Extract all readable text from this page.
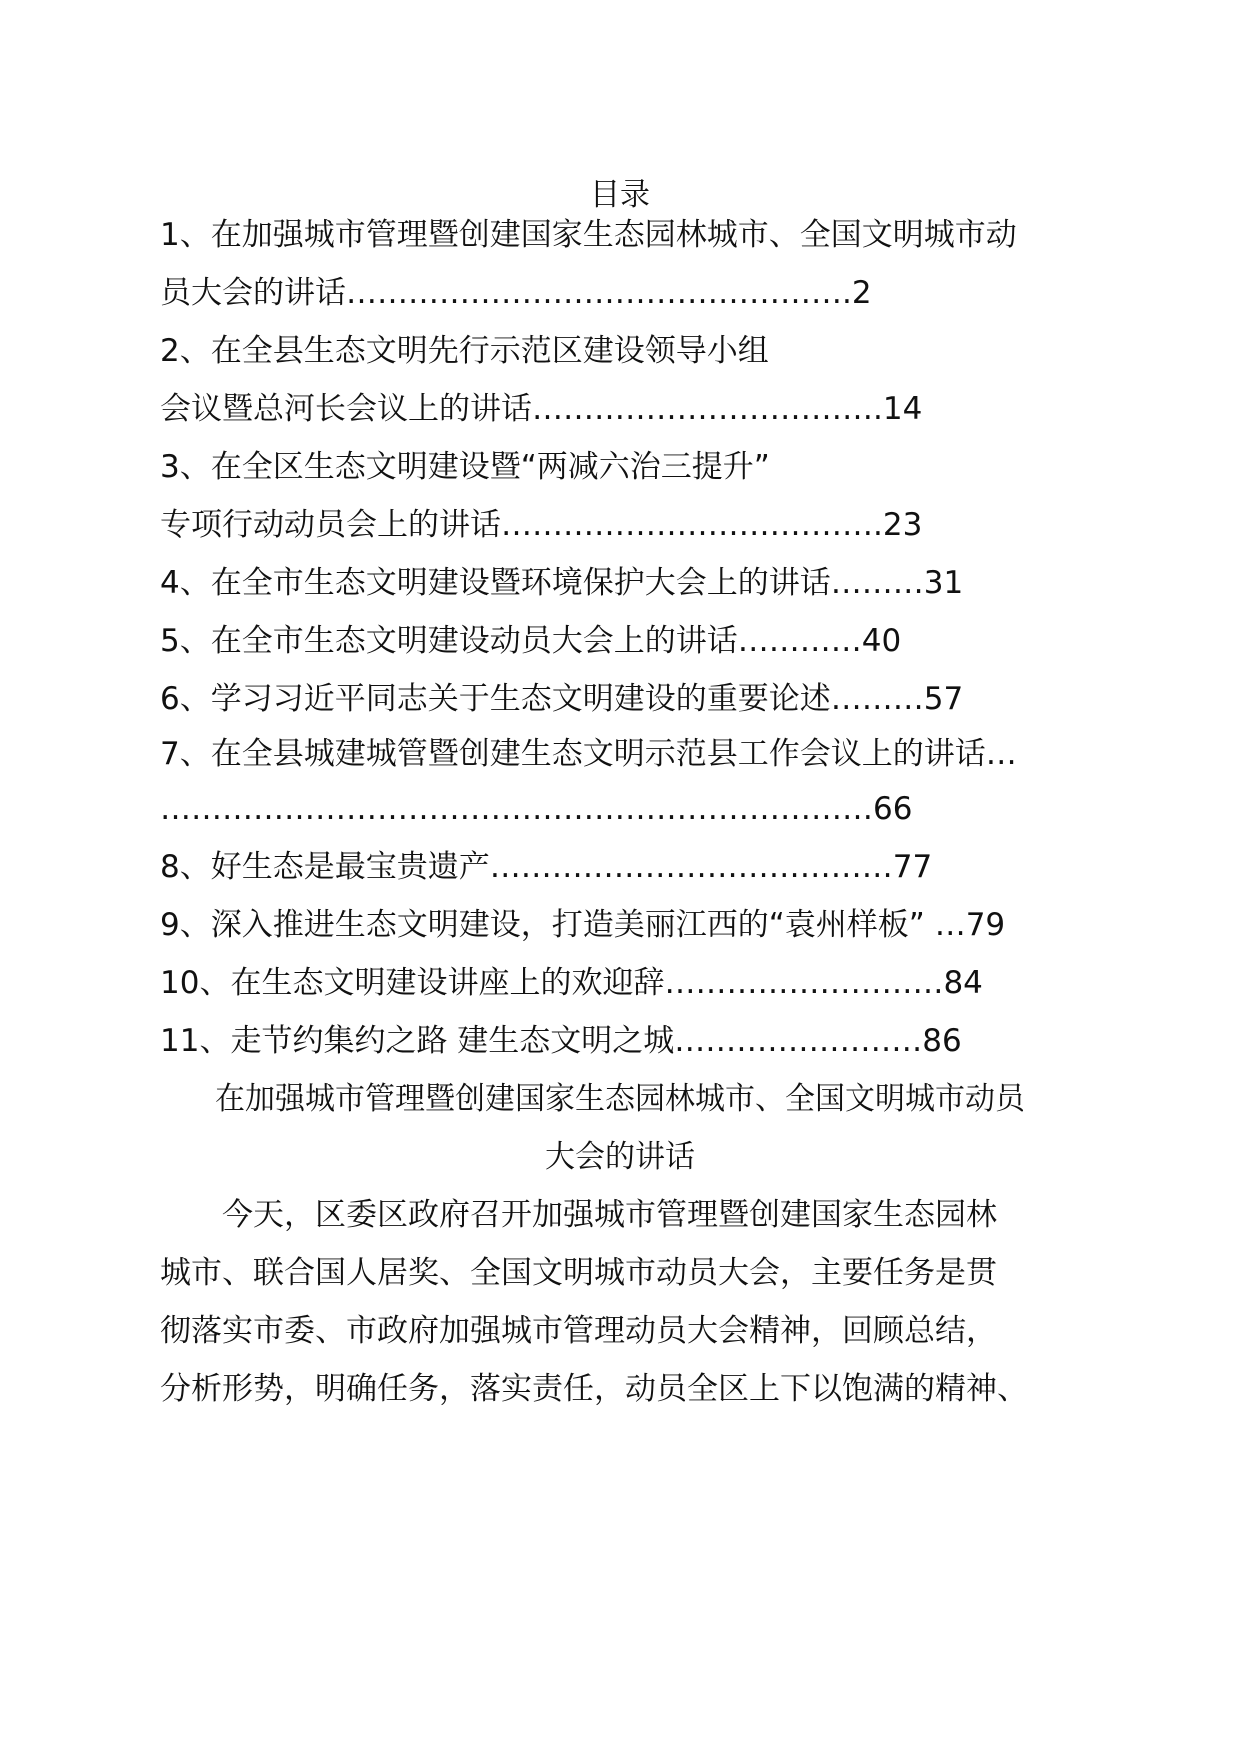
目录
1、在加强城市管理暨创建国家生态园林城市、全国文明城市动
员大会的讲话………………………………………….2
2、在全县生态文明先行示范区建设领导小组
会议暨总河长会议上的讲话…………………………….14
3、在全区生态文明建设暨“两减六治三提升”
专项行动动员会上的讲话……………………………….23
4、在全市生态文明建设暨环境保护大会上的讲话………31
5、在全市生态文明建设动员大会上的讲话…………40
6、学习习近平同志关于生态文明建设的重要论述………57
7、在全县城建城管暨创建生态文明示范县工作会议上的讲话…
……………………………………………………………66
8、好生态是最宝贵遗产…………………………………77
9、深入推进生态文明建设，打造美丽江西的“袁州样板” …79
10、在生态文明建设讲座上的欢迎辞………………………84
11、走节约集约之路 建生态文明之城……………………86
在加强城市管理暨创建国家生态园林城市、全国文明城市动员
大会的讲话
　　今天，区委区政府召开加强城市管理暨创建国家生态园林
城市、联合国人居奖、全国文明城市动员大会，主要任务是贯
彻落实市委、市政府加强城市管理动员大会精神，回顾总结，
分析形势，明确任务，落实责任，动员全区上下以饱满的精神、
